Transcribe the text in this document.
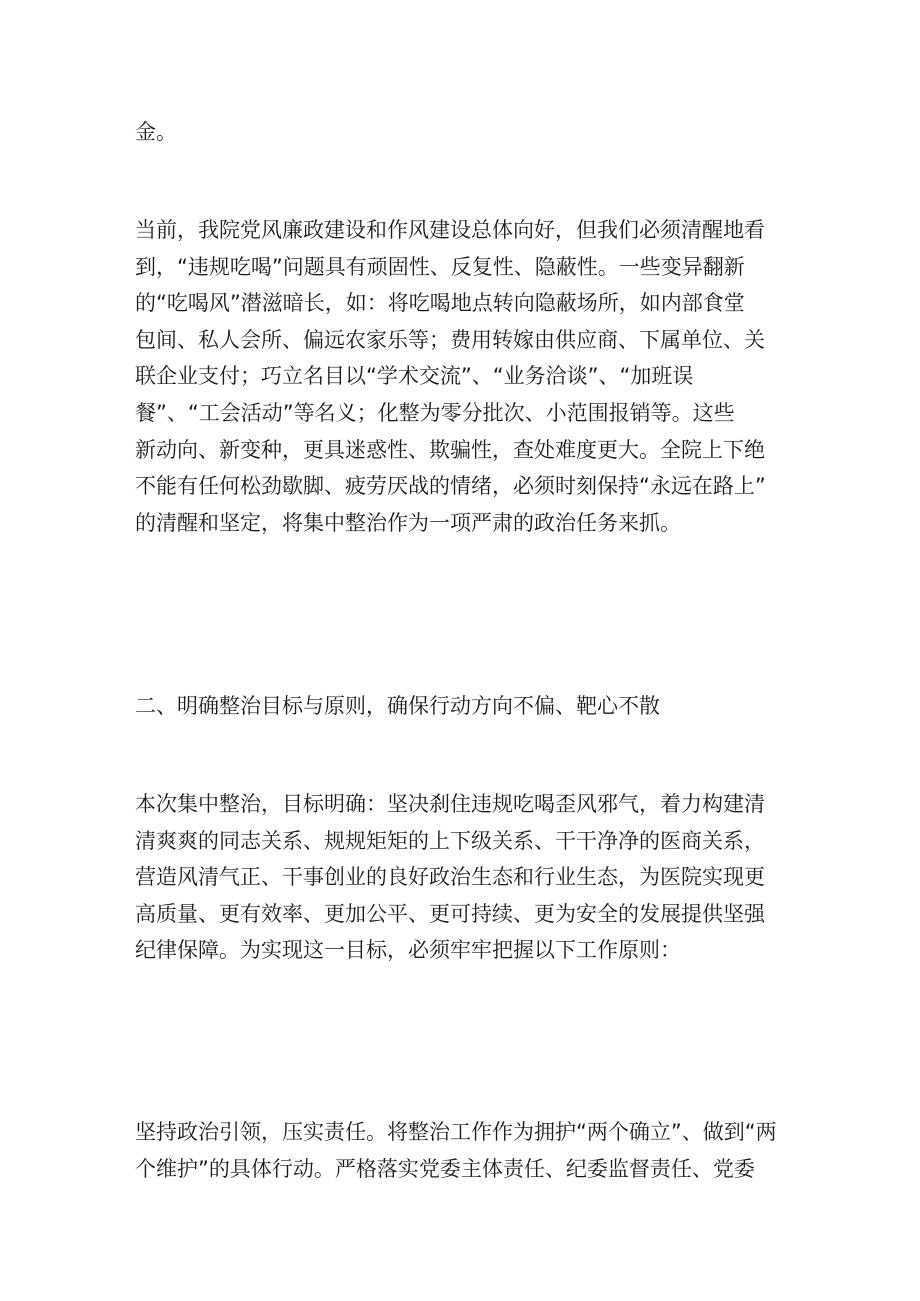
金。
当前，我院党风廉政建设和作风建设总体向好，但我们必须清醒地看
到，“违规吃喝”问题具有顽固性、反复性、隐蔽性。一些变异翻新
的“吃喝风”潜滋暗长，如：将吃喝地点转向隐蔽场所，如内部食堂
包间、私人会所、偏远农家乐等；费用转嫁由供应商、下属单位、关
联企业支付；巧立名目以“学术交流”、“业务洽谈”、“加班误
餐”、“工会活动”等名义；化整为零分批次、小范围报销等。这些
新动向、新变种，更具迷惑性、欺骗性，查处难度更大。全院上下绝
不能有任何松劲歇脚、疲劳厌战的情绪，必须时刻保持“永远在路上”
的清醒和坚定，将集中整治作为一项严肃的政治任务来抓。
二、明确整治目标与原则，确保行动方向不偏、靶心不散
本次集中整治，目标明确：坚决刹住违规吃喝歪风邪气，着力构建清
清爽爽的同志关系、规规矩矩的上下级关系、干干净净的医商关系，
营造风清气正、干事创业的良好政治生态和行业生态，为医院实现更
高质量、更有效率、更加公平、更可持续、更为安全的发展提供坚强
纪律保障。为实现这一目标，必须牢牢把握以下工作原则：
坚持政治引领，压实责任。将整治工作作为拥护“两个确立”、做到“两
个维护”的具体行动。严格落实党委主体责任、纪委监督责任、党委
